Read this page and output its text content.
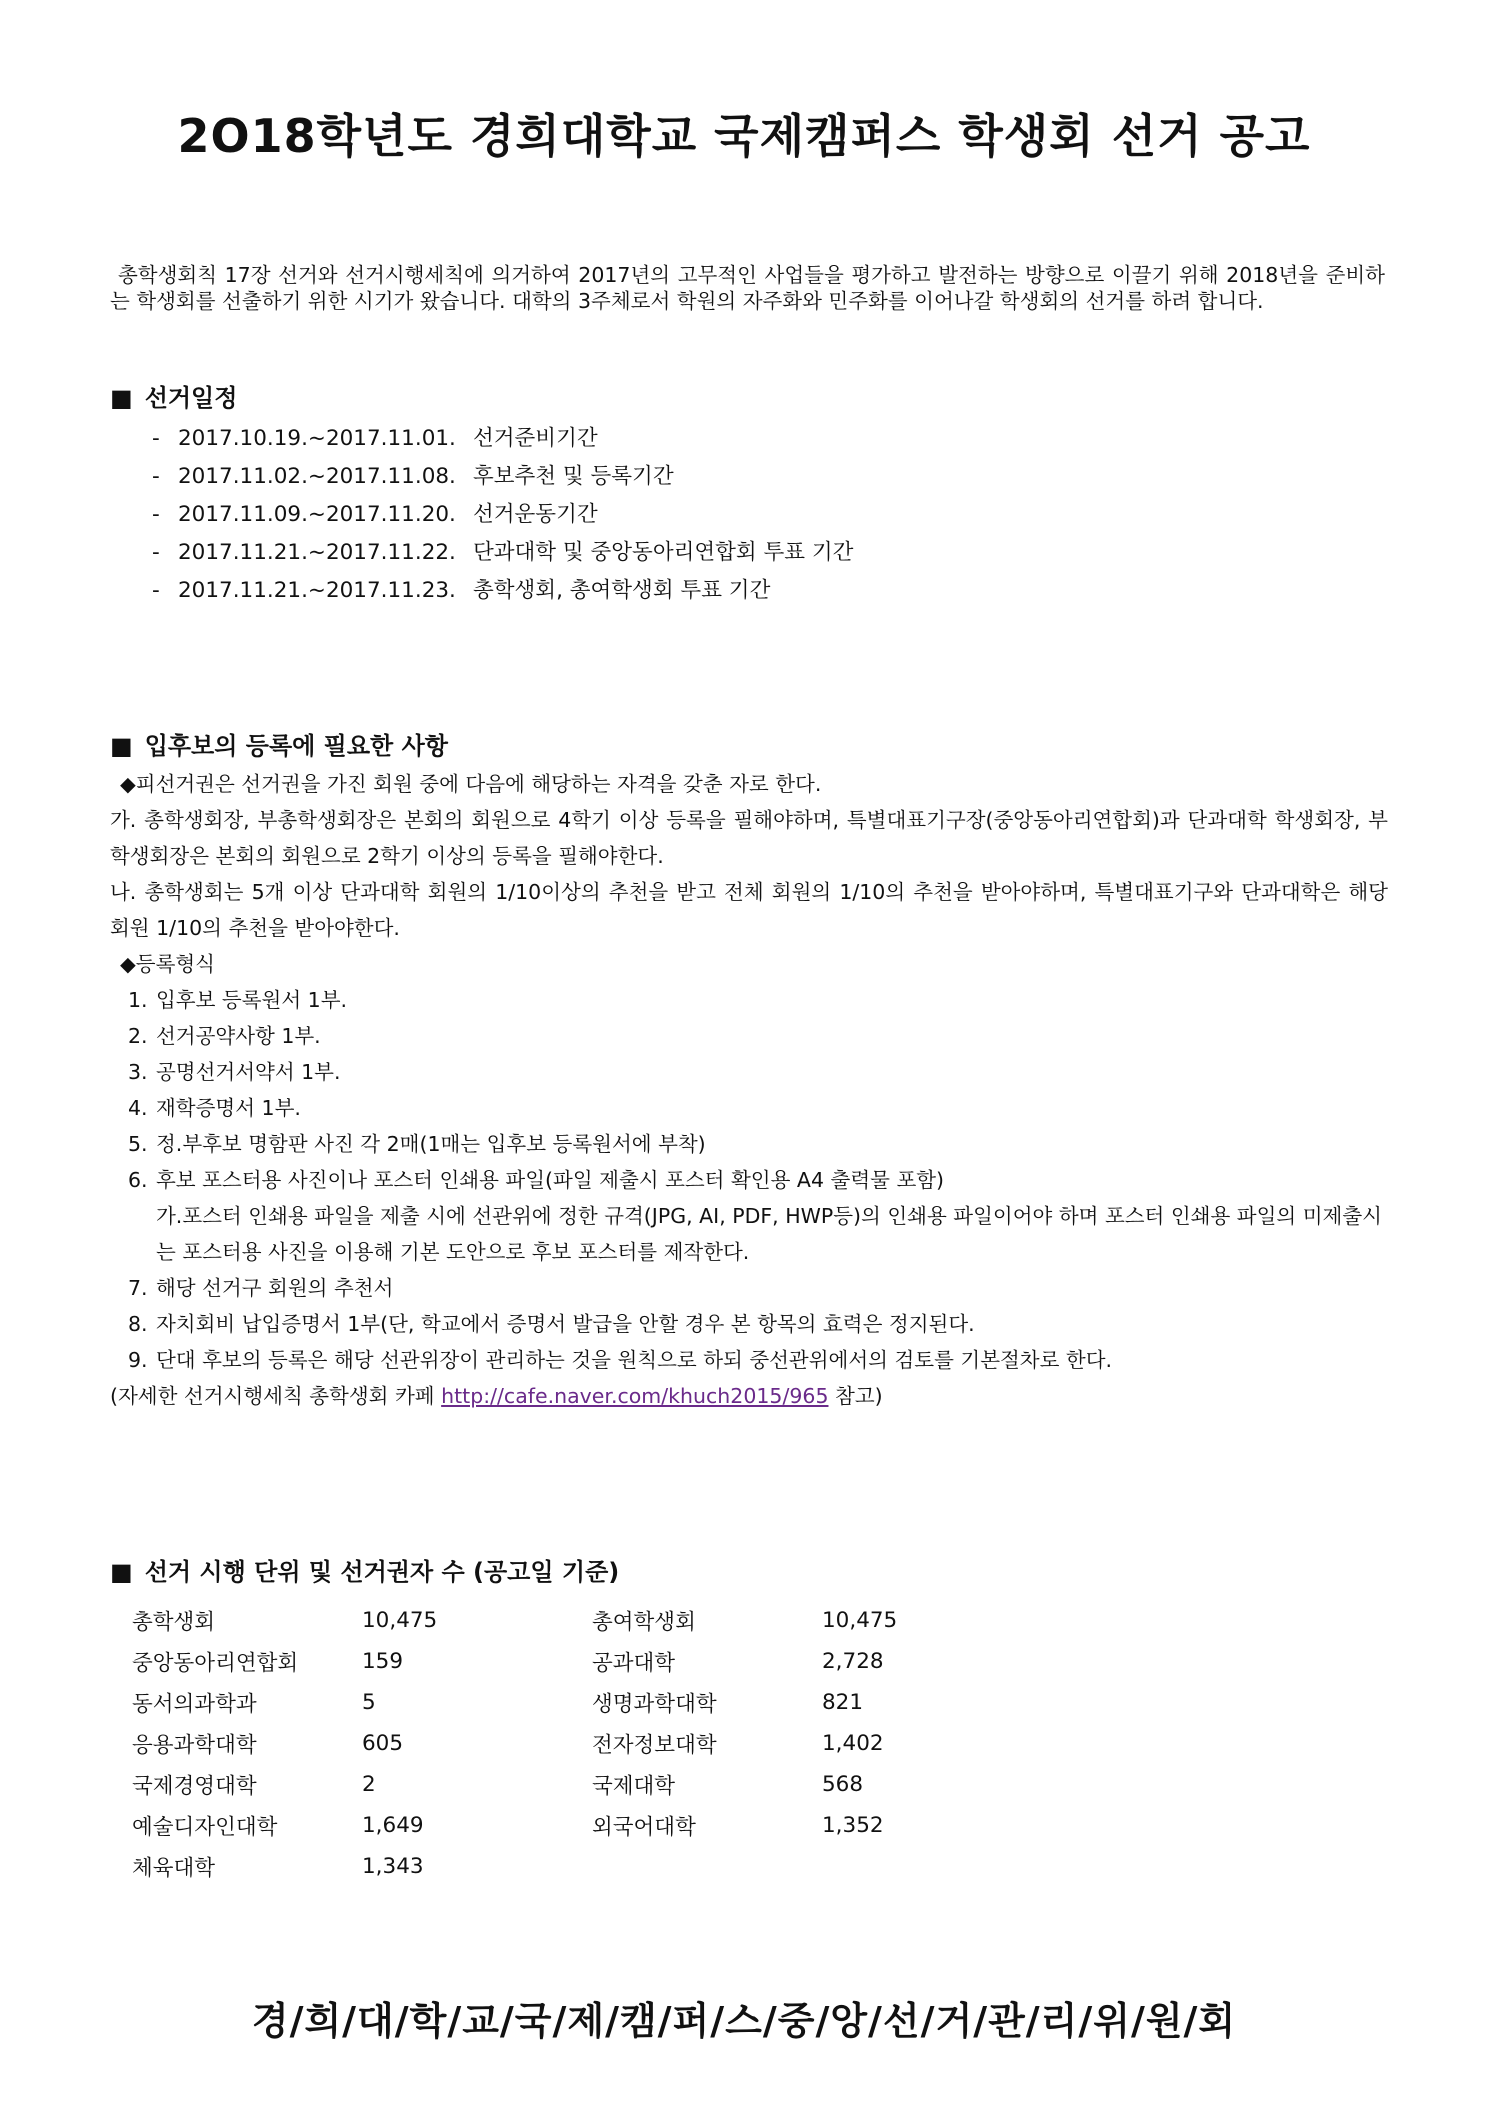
2O18학년도 경희대학교 국제캠퍼스 학생회 선거 공고

총학생회칙 17장 선거와 선거시행세칙에 의거하여 2017년의 고무적인 사업들을 평가하고 발전하는 방향으로 이끌기 위해 2018년을 준비하는 학생회를 선출하기 위한 시기가 왔습니다. 대학의 3주체로서 학원의 자주화와 민주화를 이어나갈 학생회의 선거를 하려 합니다.

■ 선거일정
- 2017.10.19.~2017.11.01. 선거준비기간
- 2017.11.02.~2017.11.08. 후보추천 및 등록기간
- 2017.11.09.~2017.11.20. 선거운동기간
- 2017.11.21.~2017.11.22. 단과대학 및 중앙동아리연합회 투표 기간
- 2017.11.21.~2017.11.23. 총학생회, 총여학생회 투표 기간
■ 입후보의 등록에 필요한 사항

◆피선거권은 선거권을 가진 회원 중에 다음에 해당하는 자격을 갖춘 자로 한다.

가. 총학생회장, 부총학생회장은 본회의 회원으로 4학기 이상 등록을 필해야하며, 특별대표기구장(중앙동아리연합회)과 단과대학 학생회장, 부학생회장은 본회의 회원으로 2학기 이상의 등록을 필해야한다.

나. 총학생회는 5개 이상 단과대학 회원의 1/10이상의 추천을 받고 전체 회원의 1/10의 추천을 받아야하며, 특별대표기구와 단과대학은 해당 회원 1/10의 추천을 받아야한다.

◆등록형식

1. 입후보 등록원서 1부.
2. 선거공약사항 1부.
3. 공명선거서약서 1부.
4. 재학증명서 1부.
5. 정.부후보 명함판 사진 각 2매(1매는 입후보 등록원서에 부착)
6. 후보 포스터용 사진이나 포스터 인쇄용 파일(파일 제출시 포스터 확인용 A4 출력물 포함)

가.포스터 인쇄용 파일을 제출 시에 선관위에 정한 규격(JPG, AI, PDF, HWP등)의 인쇄용 파일이어야 하며 포스터 인쇄용 파일의 미제출시는 포스터용 사진을 이용해 기본 도안으로 후보 포스터를 제작한다.

7. 해당 선거구 회원의 추천서
8. 자치회비 납입증명서 1부(단, 학교에서 증명서 발급을 안할 경우 본 항목의 효력은 정지된다.
9. 단대 후보의 등록은 해당 선관위장이 관리하는 것을 원칙으로 하되 중선관위에서의 검토를 기본절차로 한다.

(자세한 선거시행세칙 총학생회 카페 http://cafe.naver.com/khuch2015/965 참고)

■ 선거 시행 단위 및 선거권자 수 (공고일 기준)
총학생회	10,475	총여학생회	10,475
중앙동아리연합회	159	공과대학	2,728
동서의과학과	5	생명과학대학	821
응용과학대학	605	전자정보대학	1,402
국제경영대학	2	국제대학	568
예술디자인대학	1,649	외국어대학	1,352
체육대학	1,343		

경/희/대/학/교/국/제/캠/퍼/스/중/앙/선/거/관/리/위/원/회
